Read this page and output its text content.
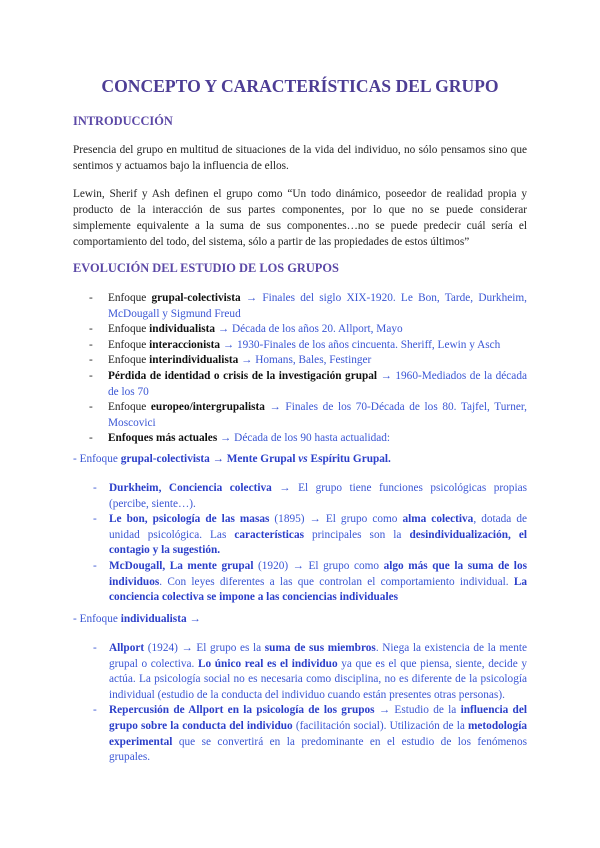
CONCEPTO Y CARACTERÍSTICAS DEL GRUPO
INTRODUCCIÓN

Presencia del grupo en multitud de situaciones de la vida del individuo, no sólo pensamos sino que sentimos y actuamos bajo la influencia de ellos.

Lewin, Sherif y Ash definen el grupo como “Un todo dinámico, poseedor de realidad propia y producto de la interacción de sus partes componentes, por lo que no se puede considerar simplemente equivalente a la suma de sus componentes…no se puede predecir cuál sería el comportamiento del todo, del sistema, sólo a partir de las propiedades de estos últimos”

EVOLUCIÓN DEL ESTUDIO DE LOS GRUPOS
- Enfoque grupal-colectivista → Finales del siglo XIX-1920. Le Bon, Tarde, Durkheim, McDougall y Sigmund Freud
- Enfoque individualista → Década de los años 20. Allport, Mayo
- Enfoque interaccionista → 1930-Finales de los años cincuenta. Sheriff, Lewin y Asch
- Enfoque interindividualista → Homans, Bales, Festinger
- Pérdida de identidad o crisis de la investigación grupal → 1960-Mediados de la década de los 70
- Enfoque europeo/intergrupalista → Finales de los 70-Década de los 80. Tajfel, Turner, Moscovici
- Enfoques más actuales → Década de los 90 hasta actualidad:
- Enfoque grupal-colectivista → Mente Grupal vs Espíritu Grupal.
- Durkheim, Conciencia colectiva → El grupo tiene funciones psicológicas propias (percibe, siente…).
- Le bon, psicología de las masas (1895) → El grupo como alma colectiva, dotada de unidad psicológica. Las características principales son la desindividualización, el contagio y la sugestión.
- McDougall, La mente grupal (1920) → El grupo como algo más que la suma de los individuos. Con leyes diferentes a las que controlan el comportamiento individual. La conciencia colectiva se impone a las conciencias individuales
- Enfoque individualista →
- Allport (1924) → El grupo es la suma de sus miembros. Niega la existencia de la mente grupal o colectiva. Lo único real es el individuo ya que es el que piensa, siente, decide y actúa. La psicología social no es necesaria como disciplina, no es diferente de la psicología individual (estudio de la conducta del individuo cuando están presentes otras personas).
- Repercusión de Allport en la psicología de los grupos → Estudio de la influencia del grupo sobre la conducta del individuo (facilitación social). Utilización de la metodología experimental que se convertirá en la predominante en el estudio de los fenómenos grupales.
